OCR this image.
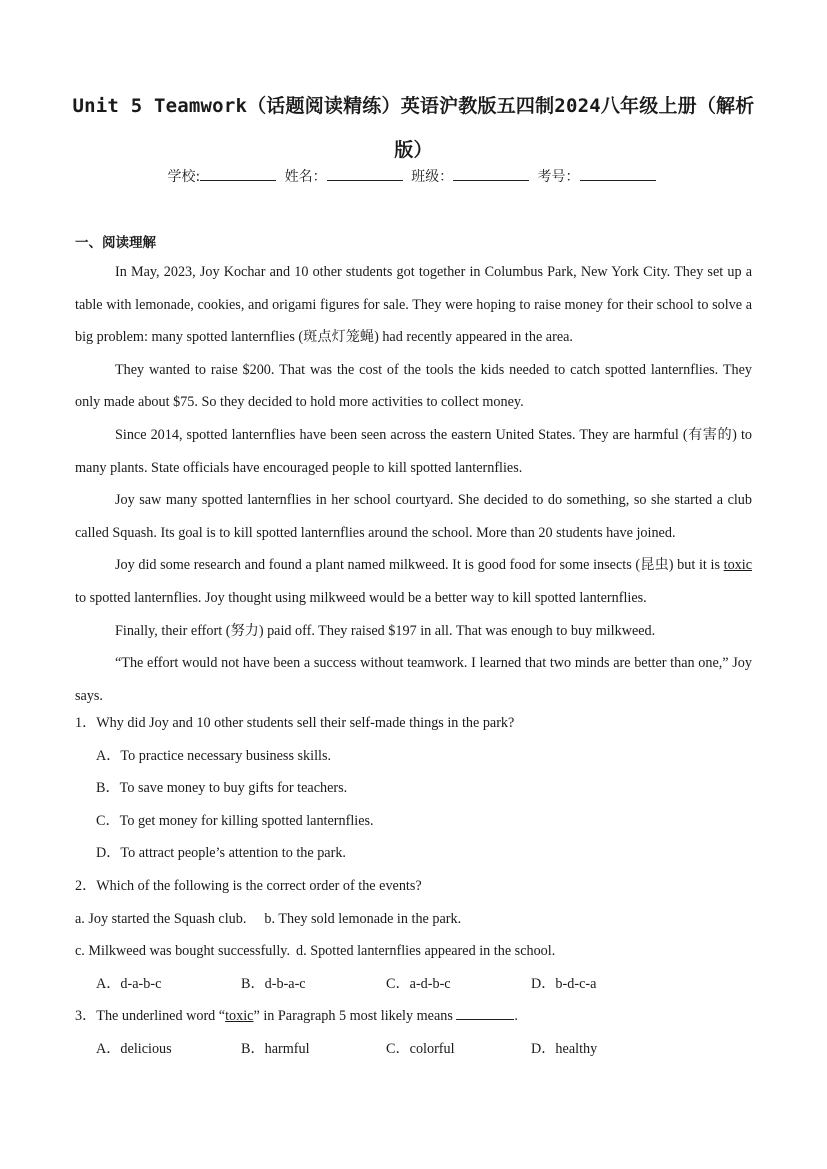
Unit 5 Teamwork（话题阅读精练）英语沪教版五四制2024八年级上册（解析版）
学校:	姓名：	班级：	考号：
一、阅读理解

In May, 2023, Joy Kochar and 10 other students got together in Columbus Park, New York City. They set up a table with lemonade, cookies, and origami figures for sale. They were hoping to raise money for their school to solve a big problem: many spotted lanternflies (斑点灯笼蝇) had recently appeared in the area.

They wanted to raise $200. That was the cost of the tools the kids needed to catch spotted lanternflies. They only made about $75. So they decided to hold more activities to collect money.

Since 2014, spotted lanternflies have been seen across the eastern United States. They are harmful (有害的) to many plants. State officials have encouraged people to kill spotted lanternflies.

Joy saw many spotted lanternflies in her school courtyard. She decided to do something, so she started a club called Squash. Its goal is to kill spotted lanternflies around the school. More than 20 students have joined.

Joy did some research and found a plant named milkweed. It is good food for some insects (昆虫) but it is toxic to spotted lanternflies. Joy thought using milkweed would be a better way to kill spotted lanternflies.

Finally, their effort (努力) paid off. They raised $197 in all. That was enough to buy milkweed.

“The effort would not have been a success without teamwork. I learned that two minds are better than one,” Joy says.

1．Why did Joy and 10 other students sell their self-made things in the park?

A．To practice necessary business skills.

B．To save money to buy gifts for teachers.

C．To get money for killing spotted lanternflies.

D．To attract people’s attention to the park.

2．Which of the following is the correct order of the events?

a. Joy started the Squash club. b. They sold lemonade in the park.

c. Milkweed was bought successfully. d. Spotted lanternflies appeared in the school.

A．d-a-b-c	B．d-b-a-c	C．a-d-b-c	D．b-d-c-a

3．The underlined word “toxic” in Paragraph 5 most likely means	.

A．delicious	B．harmful	C．colorful	D．healthy
